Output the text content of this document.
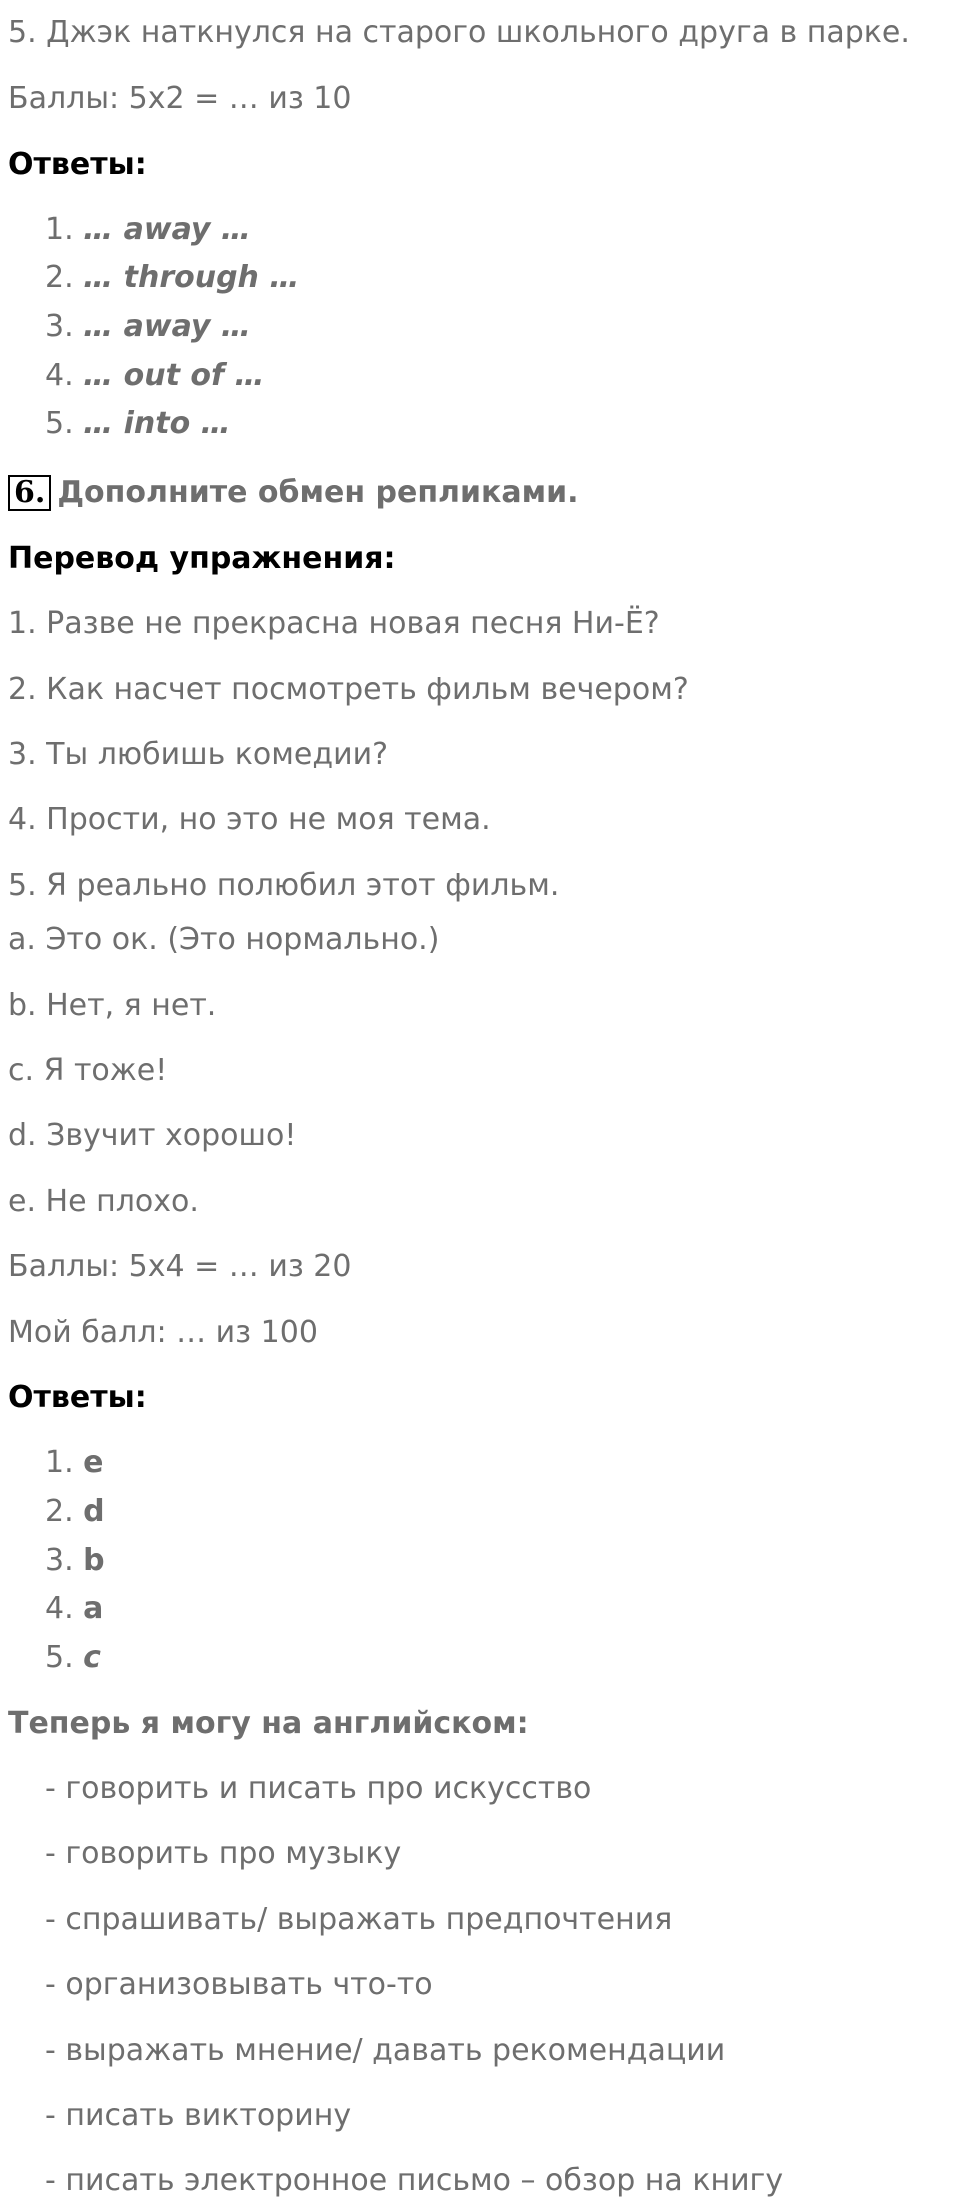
5. Джэк наткнулся на старого школьного друга в парке.
Баллы: 5x2 = … из 10
Ответы:
1. … away …
2. … through …
3. … away …
4. … out of …
5. … into …
6. Дополните обмен репликами.
Перевод упражнения:
1. Разве не прекрасна новая песня Ни-Ё?
2. Как насчет посмотреть фильм вечером?
3. Ты любишь комедии?
4. Прости, но это не моя тема.
5. Я реально полюбил этот фильм.
a. Это ок. (Это нормально.)
b. Нет, я нет.
c. Я тоже!
d. Звучит хорошо!
e. Не плохо.
Баллы: 5x4 = … из 20
Мой балл: … из 100
Ответы:
1. e
2. d
3. b
4. a
5. c
Теперь я могу на английском:
- говорить и писать про искусство
- говорить про музыку
- спрашивать/ выражать предпочтения
- организовывать что-то
- выражать мнение/ давать рекомендации
- писать викторину
- писать электронное письмо – обзор на книгу
